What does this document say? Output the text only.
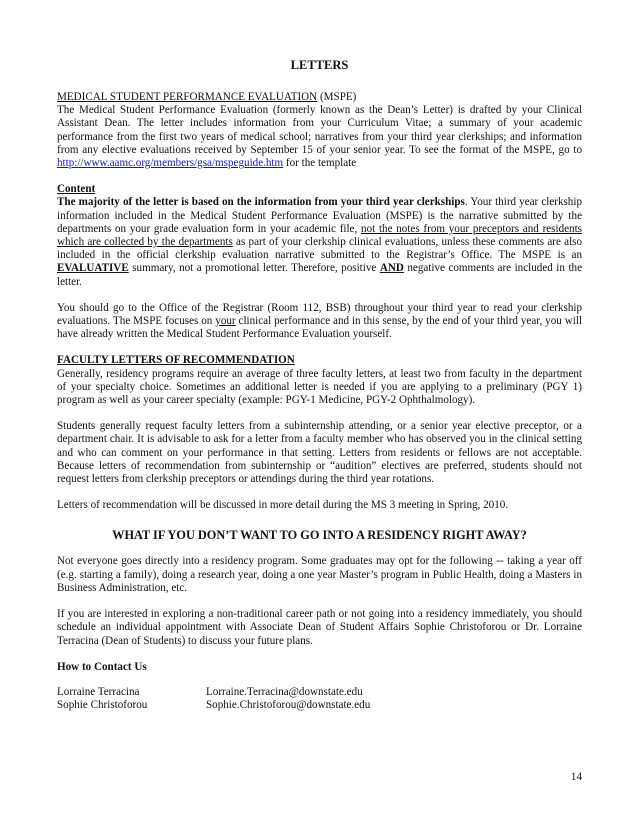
LETTERS
MEDICAL STUDENT PERFORMANCE EVALUATION (MSPE)

The Medical Student Performance Evaluation (formerly known as the Dean’s Letter) is drafted by your Clinical Assistant Dean. The letter includes information from your Curriculum Vitae; a summary of your academic performance from the first two years of medical school; narratives from your third year clerkships; and information from any elective evaluations received by September 15 of your senior year. To see the format of the MSPE, go to http://www.aamc.org/members/gsa/mspeguide.htm for the template

Content

The majority of the letter is based on the information from your third year clerkships. Your third year clerkship information included in the Medical Student Performance Evaluation (MSPE) is the narrative submitted by the departments on your grade evaluation form in your academic file, not the notes from your preceptors and residents which are collected by the departments as part of your clerkship clinical evaluations, unless these comments are also included in the official clerkship evaluation narrative submitted to the Registrar’s Office. The MSPE is an EVALUATIVE summary, not a promotional letter. Therefore, positive AND negative comments are included in the letter.

You should go to the Office of the Registrar (Room 112, BSB) throughout your third year to read your clerkship evaluations. The MSPE focuses on your clinical performance and in this sense, by the end of your third year, you will have already written the Medical Student Performance Evaluation yourself.

FACULTY LETTERS OF RECOMMENDATION

Generally, residency programs require an average of three faculty letters, at least two from faculty in the department of your specialty choice. Sometimes an additional letter is needed if you are applying to a preliminary (PGY 1) program as well as your career specialty (example: PGY-1 Medicine, PGY-2 Ophthalmology).

Students generally request faculty letters from a subinternship attending, or a senior year elective preceptor, or a department chair. It is advisable to ask for a letter from a faculty member who has observed you in the clinical setting and who can comment on your performance in that setting. Letters from residents or fellows are not acceptable. Because letters of recommendation from subinternship or “audition” electives are preferred, students should not request letters from clerkship preceptors or attendings during the third year rotations.

Letters of recommendation will be discussed in more detail during the MS 3 meeting in Spring, 2010.

WHAT IF YOU DON’T WANT TO GO INTO A RESIDENCY RIGHT AWAY?

Not everyone goes directly into a residency program. Some graduates may opt for the following -- taking a year off (e.g. starting a family), doing a research year, doing a one year Master’s program in Public Health, doing a Masters in Business Administration, etc.

If you are interested in exploring a non-traditional career path or not going into a residency immediately, you should schedule an individual appointment with Associate Dean of Student Affairs Sophie Christoforou or Dr. Lorraine Terracina (Dean of Students) to discuss your future plans.

How to Contact Us
Lorraine Terracina	Lorraine.Terracina@downstate.edu
Sophie Christoforou	Sophie.Christoforou@downstate.edu
14
